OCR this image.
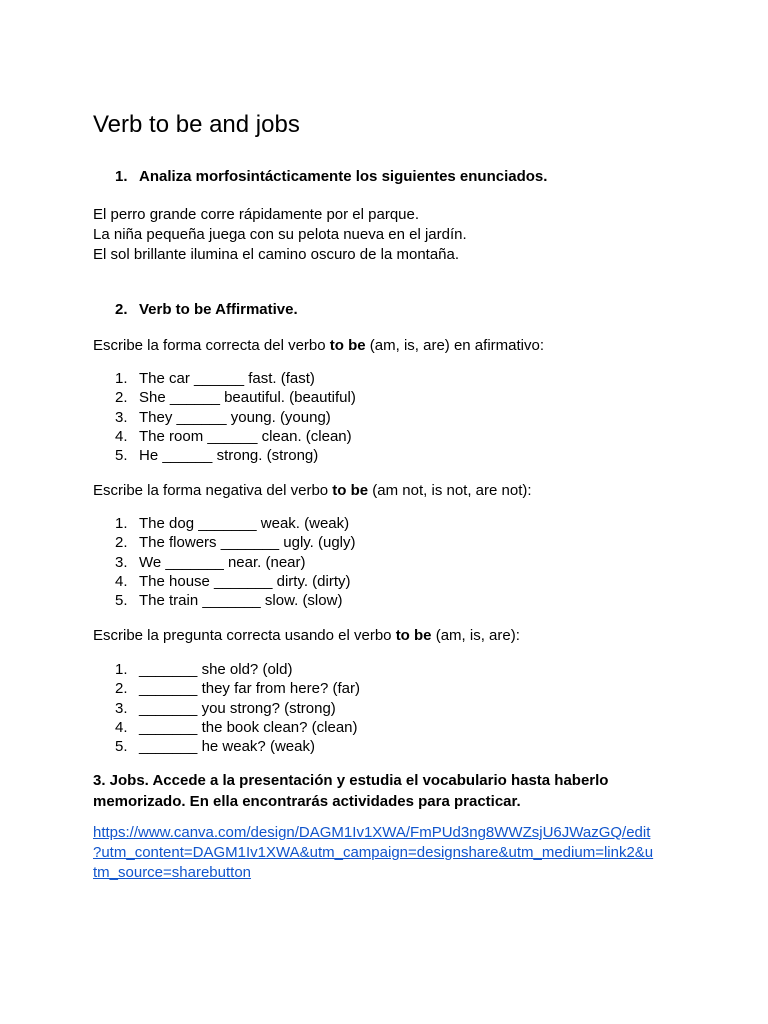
Verb to be and jobs
1. Analiza morfosintácticamente los siguientes enunciados.
El perro grande corre rápidamente por el parque.
La niña pequeña juega con su pelota nueva en el jardín.
El sol brillante ilumina el camino oscuro de la montaña.
2. Verb to be Affirmative.
Escribe la forma correcta del verbo to be (am, is, are) en afirmativo:
1. The car ______ fast. (fast)
2. She ______ beautiful. (beautiful)
3. They ______ young. (young)
4. The room ______ clean. (clean)
5. He ______ strong. (strong)
Escribe la forma negativa del verbo to be (am not, is not, are not):
1. The dog _______ weak. (weak)
2. The flowers _______ ugly. (ugly)
3. We _______ near. (near)
4. The house _______ dirty. (dirty)
5. The train _______ slow. (slow)
Escribe la pregunta correcta usando el verbo to be (am, is, are):
1. _______ she old? (old)
2. _______ they far from here? (far)
3. _______ you strong? (strong)
4. _______ the book clean? (clean)
5. _______ he weak? (weak)
3. Jobs. Accede a la presentación y estudia el vocabulario hasta haberlo
memorizado. En ella encontrarás actividades para practicar.
https://www.canva.com/design/DAGM1Iv1XWA/FmPUd3ng8WWZsjU6JWazGQ/edit
?utm_content=DAGM1Iv1XWA&utm_campaign=designshare&utm_medium=link2&u
tm_source=sharebutton
